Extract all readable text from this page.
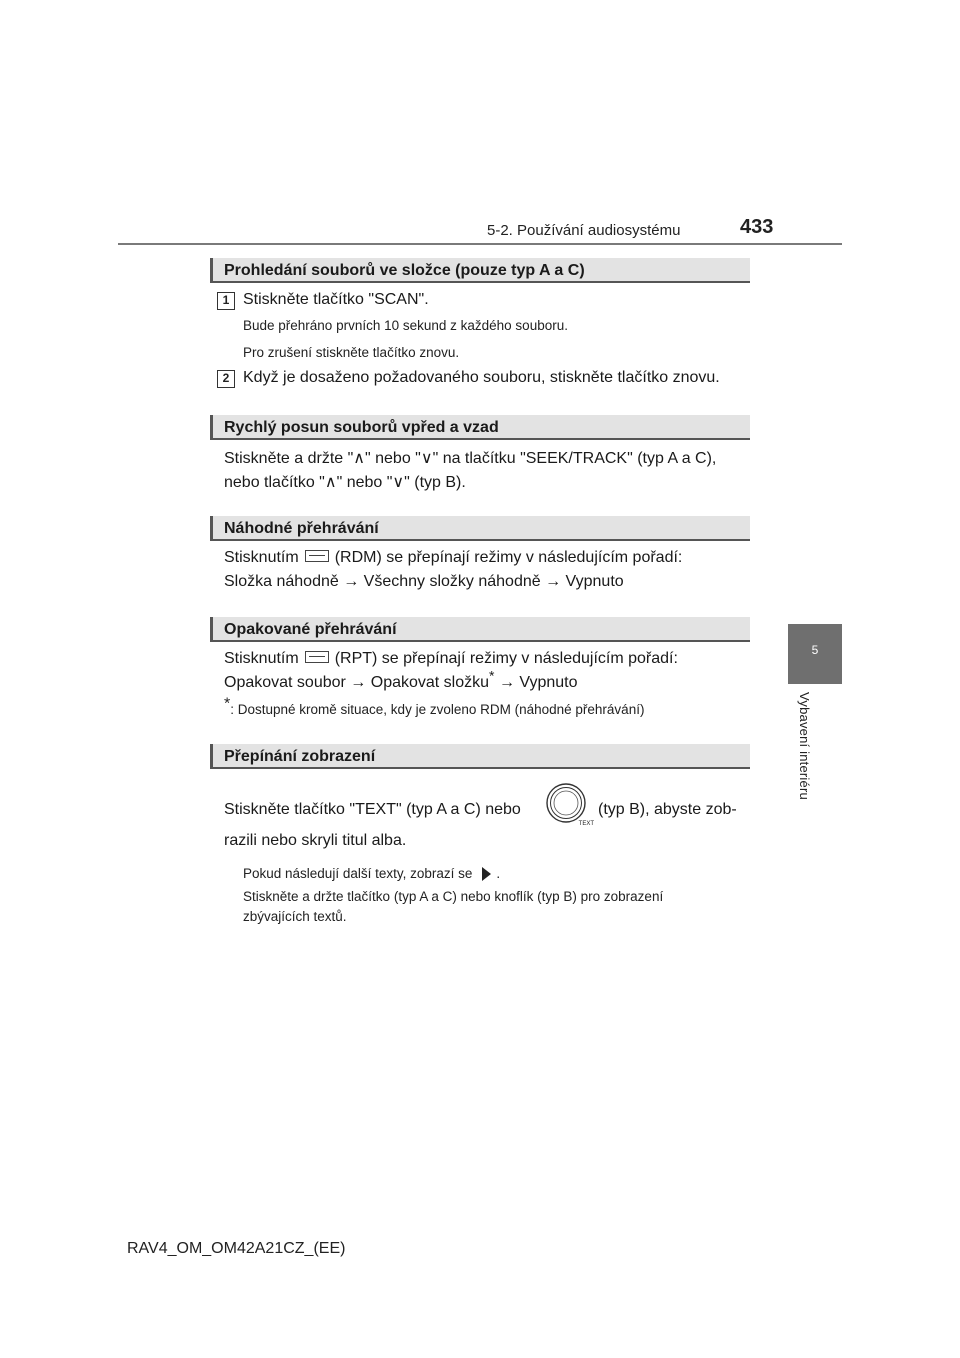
5-2. Používání audiosystému	433
5
Vybavení interiéru
Prohledání souborů ve složce (pouze typ A a C)
1 Stiskněte tlačítko "SCAN".
Bude přehráno prvních 10 sekund z každého souboru.
Pro zrušení stiskněte tlačítko znovu.
2 Když je dosaženo požadovaného souboru, stiskněte tlačítko znovu.
Rychlý posun souborů vpřed a vzad
Stiskněte a držte "∧" nebo "∨" na tlačítku "SEEK/TRACK" (typ A a C),
nebo tlačítko "∧" nebo "∨" (typ B).
Náhodné přehrávání
Stisknutím (RDM) se přepínají režimy v následujícím pořadí:
Složka náhodně → Všechny složky náhodně → Vypnuto
Opakované přehrávání
Stisknutím (RPT) se přepínají režimy v následujícím pořadí:
Opakovat soubor → Opakovat složku* → Vypnuto
*: Dostupné kromě situace, kdy je zvoleno RDM (náhodné přehrávání)
Přepínání zobrazení
Stiskněte tlačítko "TEXT" (typ A a C) nebo
TEXT
(typ B), abyste zob-
razili nebo skryli titul alba.
Pokud následují další texty, zobrazí se .
Stiskněte a držte tlačítko (typ A a C) nebo knoflík (typ B) pro zobrazení
zbývajících textů.
RAV4_OM_OM42A21CZ_(EE)
